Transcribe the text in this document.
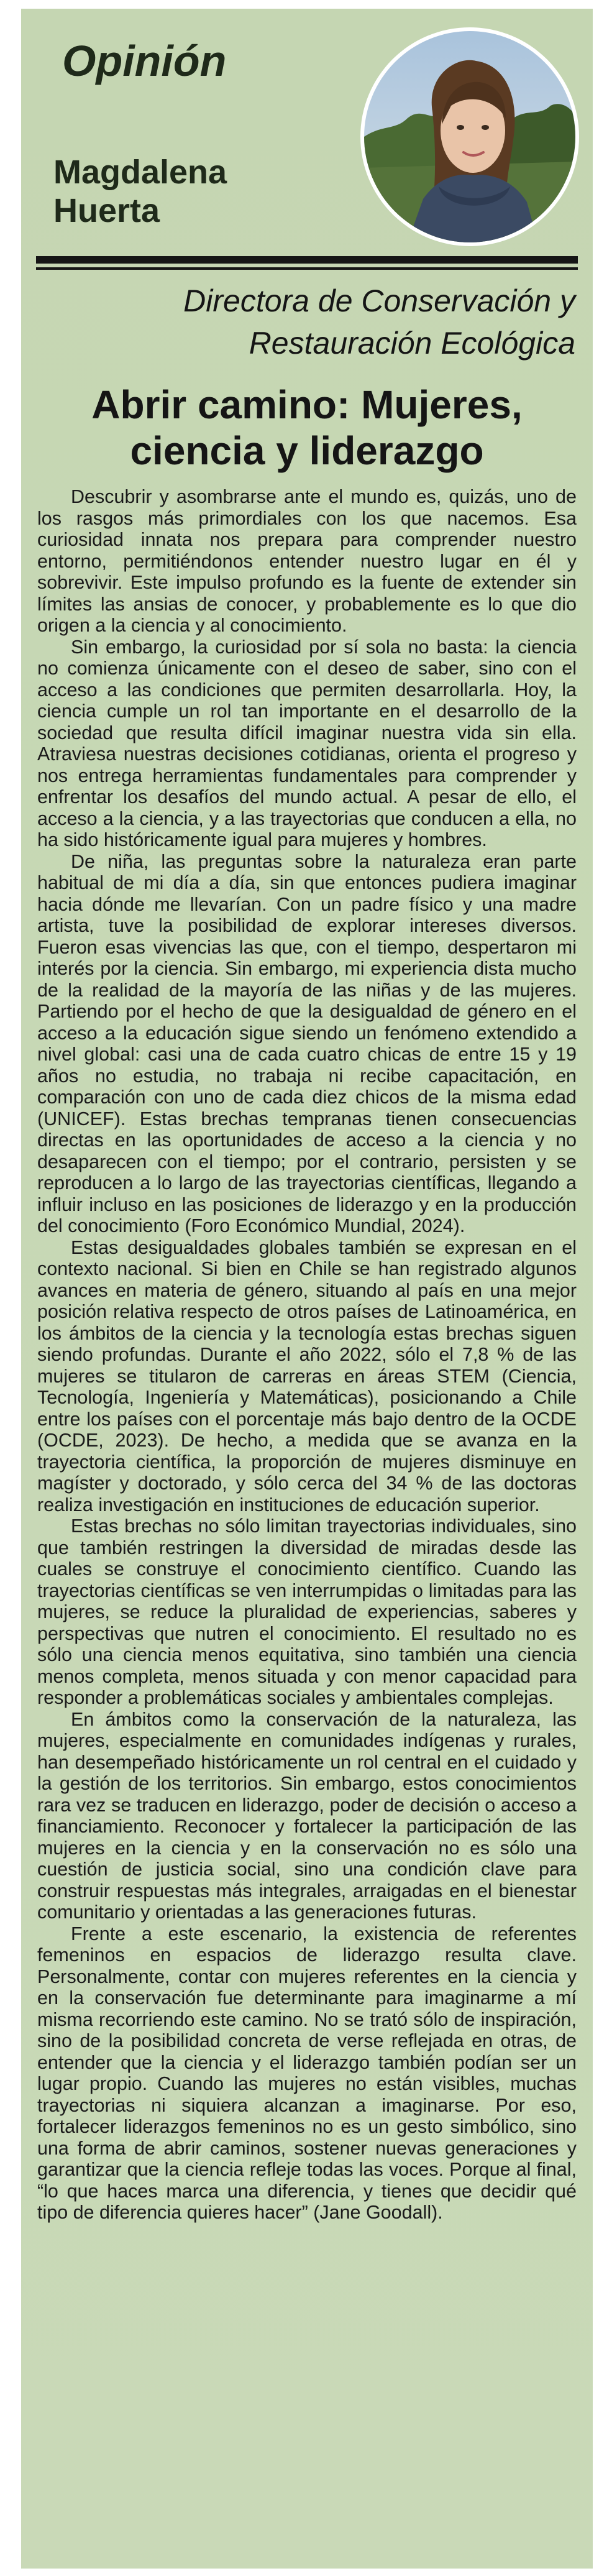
Opinión
Magdalena Huerta

Directora de Conservación y Restauración Ecológica

Abrir camino: Mujeres, ciencia y liderazgo

Descubrir y asombrarse ante el mundo es, quizás, uno de los rasgos más primordiales con los que nacemos. Esa curiosidad innata nos prepara para comprender nuestro entorno, permitiéndonos entender nuestro lugar en él y sobrevivir. Este impulso profundo es la fuente de extender sin límites las ansias de conocer, y probablemente es lo que dio origen a la ciencia y al conocimiento.

Sin embargo, la curiosidad por sí sola no basta: la ciencia no comienza únicamente con el deseo de saber, sino con el acceso a las condiciones que permiten desarrollarla. Hoy, la ciencia cumple un rol tan importante en el desarrollo de la sociedad que resulta difícil imaginar nuestra vida sin ella. Atraviesa nuestras decisiones cotidianas, orienta el progreso y nos entrega herramientas fundamentales para comprender y enfrentar los desafíos del mundo actual. A pesar de ello, el acceso a la ciencia, y a las trayectorias que conducen a ella, no ha sido históricamente igual para mujeres y hombres.

De niña, las preguntas sobre la naturaleza eran parte habitual de mi día a día, sin que entonces pudiera imaginar hacia dónde me llevarían. Con un padre físico y una madre artista, tuve la posibilidad de explorar intereses diversos. Fueron esas vivencias las que, con el tiempo, despertaron mi interés por la ciencia. Sin embargo, mi experiencia dista mucho de la realidad de la mayoría de las niñas y de las mujeres. Partiendo por el hecho de que la desigualdad de género en el acceso a la educación sigue siendo un fenómeno extendido a nivel global: casi una de cada cuatro chicas de entre 15 y 19 años no estudia, no trabaja ni recibe capacitación, en comparación con uno de cada diez chicos de la misma edad (UNICEF). Estas brechas tempranas tienen consecuencias directas en las oportunidades de acceso a la ciencia y no desaparecen con el tiempo; por el contrario, persisten y se reproducen a lo largo de las trayectorias científicas, llegando a influir incluso en las posiciones de liderazgo y en la producción del conocimiento (Foro Económico Mundial, 2024).

Estas desigualdades globales también se expresan en el contexto nacional. Si bien en Chile se han registrado algunos avances en materia de género, situando al país en una mejor posición relativa respecto de otros países de Latinoamérica, en los ámbitos de la ciencia y la tecnología estas brechas siguen siendo profundas. Durante el año 2022, sólo el 7,8 % de las mujeres se titularon de carreras en áreas STEM (Ciencia, Tecnología, Ingeniería y Matemáticas), posicionando a Chile entre los países con el porcentaje más bajo dentro de la OCDE (OCDE, 2023). De hecho, a medida que se avanza en la trayectoria científica, la proporción de mujeres disminuye en magíster y doctorado, y sólo cerca del 34 % de las doctoras realiza investigación en instituciones de educación superior.

Estas brechas no sólo limitan trayectorias individuales, sino que también restringen la diversidad de miradas desde las cuales se construye el conocimiento científico. Cuando las trayectorias científicas se ven interrumpidas o limitadas para las mujeres, se reduce la pluralidad de experiencias, saberes y perspectivas que nutren el conocimiento. El resultado no es sólo una ciencia menos equitativa, sino también una ciencia menos completa, menos situada y con menor capacidad para responder a problemáticas sociales y ambientales complejas.

En ámbitos como la conservación de la naturaleza, las mujeres, especialmente en comunidades indígenas y rurales, han desempeñado históricamente un rol central en el cuidado y la gestión de los territorios. Sin embargo, estos conocimientos rara vez se traducen en liderazgo, poder de decisión o acceso a financiamiento. Reconocer y fortalecer la participación de las mujeres en la ciencia y en la conservación no es sólo una cuestión de justicia social, sino una condición clave para construir respuestas más integrales, arraigadas en el bienestar comunitario y orientadas a las generaciones futuras.

Frente a este escenario, la existencia de referentes femeninos en espacios de liderazgo resulta clave. Personalmente, contar con mujeres referentes en la ciencia y en la conservación fue determinante para imaginarme a mí misma recorriendo este camino. No se trató sólo de inspiración, sino de la posibilidad concreta de verse reflejada en otras, de entender que la ciencia y el liderazgo también podían ser un lugar propio. Cuando las mujeres no están visibles, muchas trayectorias ni siquiera alcanzan a imaginarse. Por eso, fortalecer liderazgos femeninos no es un gesto simbólico, sino una forma de abrir caminos, sostener nuevas generaciones y garantizar que la ciencia refleje todas las voces. Porque al final, “lo que haces marca una diferencia, y tienes que decidir qué tipo de diferencia quieres hacer” (Jane Goodall).
